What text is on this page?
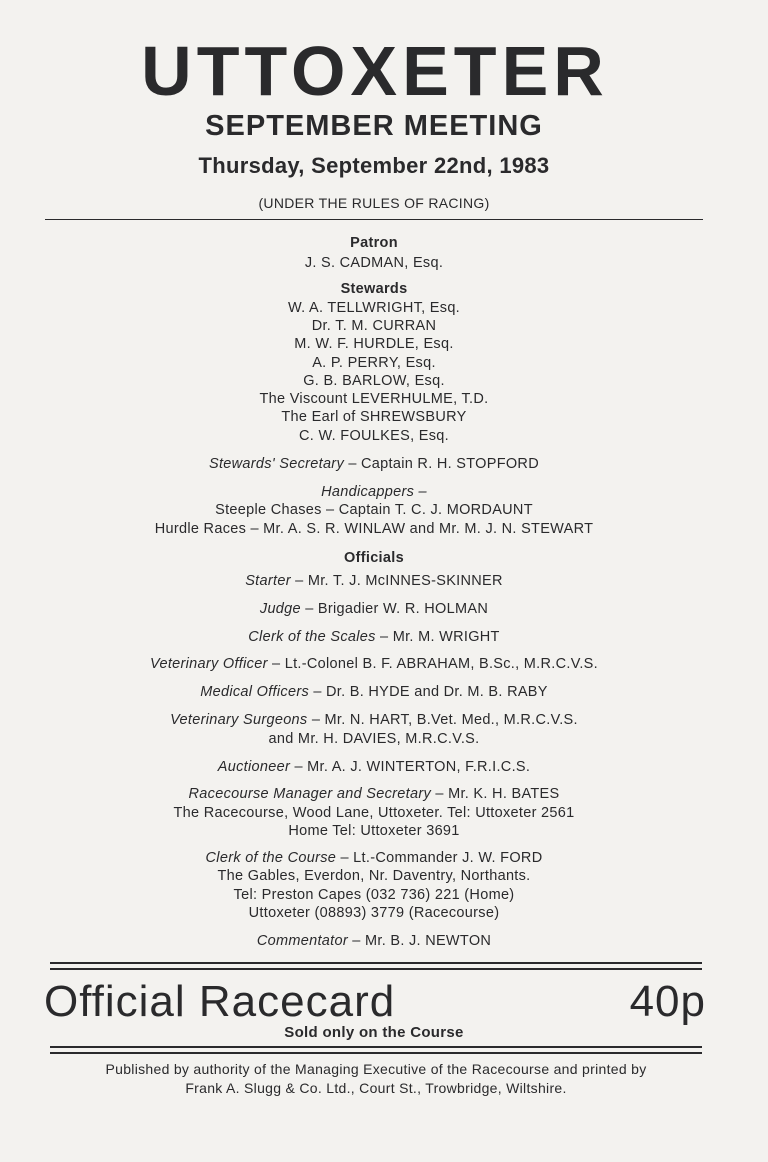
UTTOXETER
SEPTEMBER MEETING
Thursday, September 22nd, 1983
(UNDER THE RULES OF RACING)
Patron
J. S. CADMAN, Esq.
Stewards
W. A. TELLWRIGHT, Esq.
Dr. T. M. CURRAN
M. W. F. HURDLE, Esq.
A. P. PERRY, Esq.
G. B. BARLOW, Esq.
The Viscount LEVERHULME, T.D.
The Earl of SHREWSBURY
C. W. FOULKES, Esq.
Stewards' Secretary – Captain R. H. STOPFORD
Handicappers –
Steeple Chases – Captain T. C. J. MORDAUNT
Hurdle Races – Mr. A. S. R. WINLAW and Mr. M. J. N. STEWART
Officials
Starter – Mr. T. J. McINNES-SKINNER
Judge – Brigadier W. R. HOLMAN
Clerk of the Scales – Mr. M. WRIGHT
Veterinary Officer – Lt.-Colonel B. F. ABRAHAM, B.Sc., M.R.C.V.S.
Medical Officers – Dr. B. HYDE and Dr. M. B. RABY
Veterinary Surgeons – Mr. N. HART, B.Vet. Med., M.R.C.V.S.
and Mr. H. DAVIES, M.R.C.V.S.
Auctioneer – Mr. A. J. WINTERTON, F.R.I.C.S.
Racecourse Manager and Secretary – Mr. K. H. BATES
The Racecourse, Wood Lane, Uttoxeter. Tel: Uttoxeter 2561
Home Tel: Uttoxeter 3691
Clerk of the Course – Lt.-Commander J. W. FORD
The Gables, Everdon, Nr. Daventry, Northants.
Tel: Preston Capes (032 736) 221 (Home)
Uttoxeter (08893) 3779 (Racecourse)
Commentator – Mr. B. J. NEWTON
Official Racecard	40p
Sold only on the Course
Published by authority of the Managing Executive of the Racecourse and printed by
Frank A. Slugg & Co. Ltd., Court St., Trowbridge, Wiltshire.
